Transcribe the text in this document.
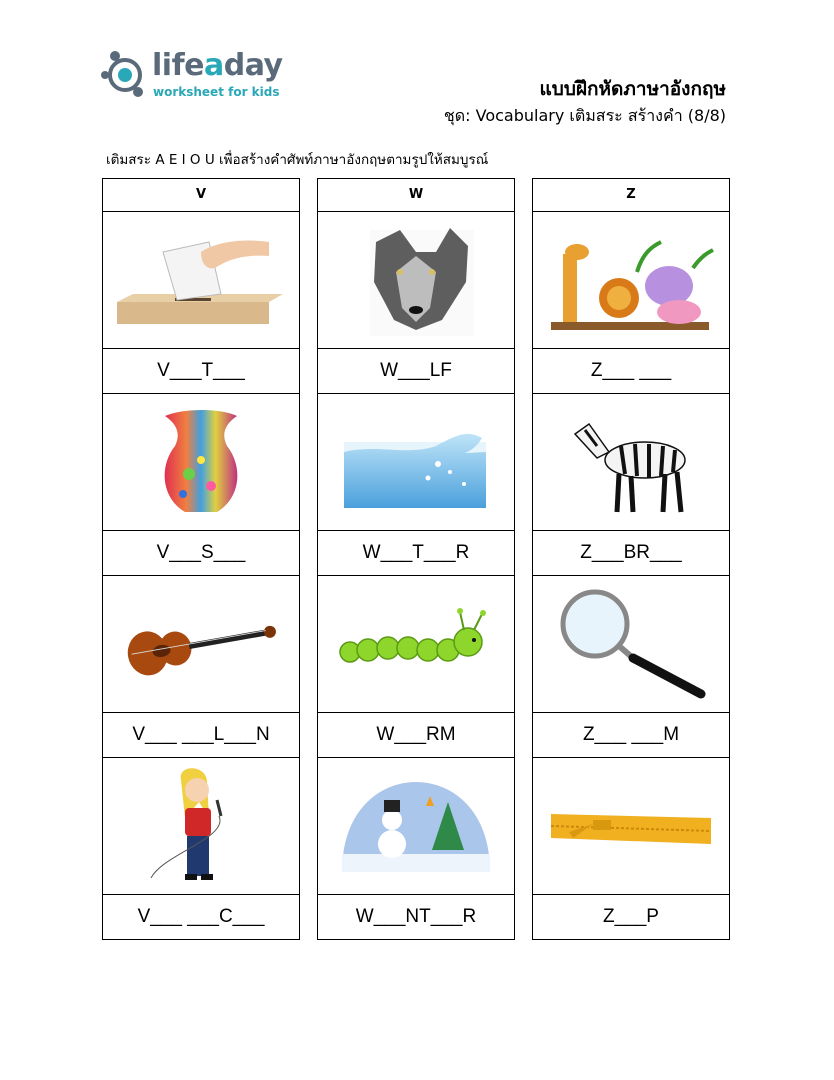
lifeaday
worksheet for kids	แบบฝึกหัดภาษาอังกฤษ
ชุด: Vocabulary เติมสระ สร้างคำ (8/8)
เติมสระ A E I O U เพื่อสร้างคำศัพท์ภาษาอังกฤษตามรูปให้สมบูรณ์
V
V___T___
V___S___
V___ ___L___N
V___ ___C___
W
W___LF
W___T___R
W___RM
W___NT___R
Z
Z___ ___
Z___BR___
Z___ ___M
Z___P
